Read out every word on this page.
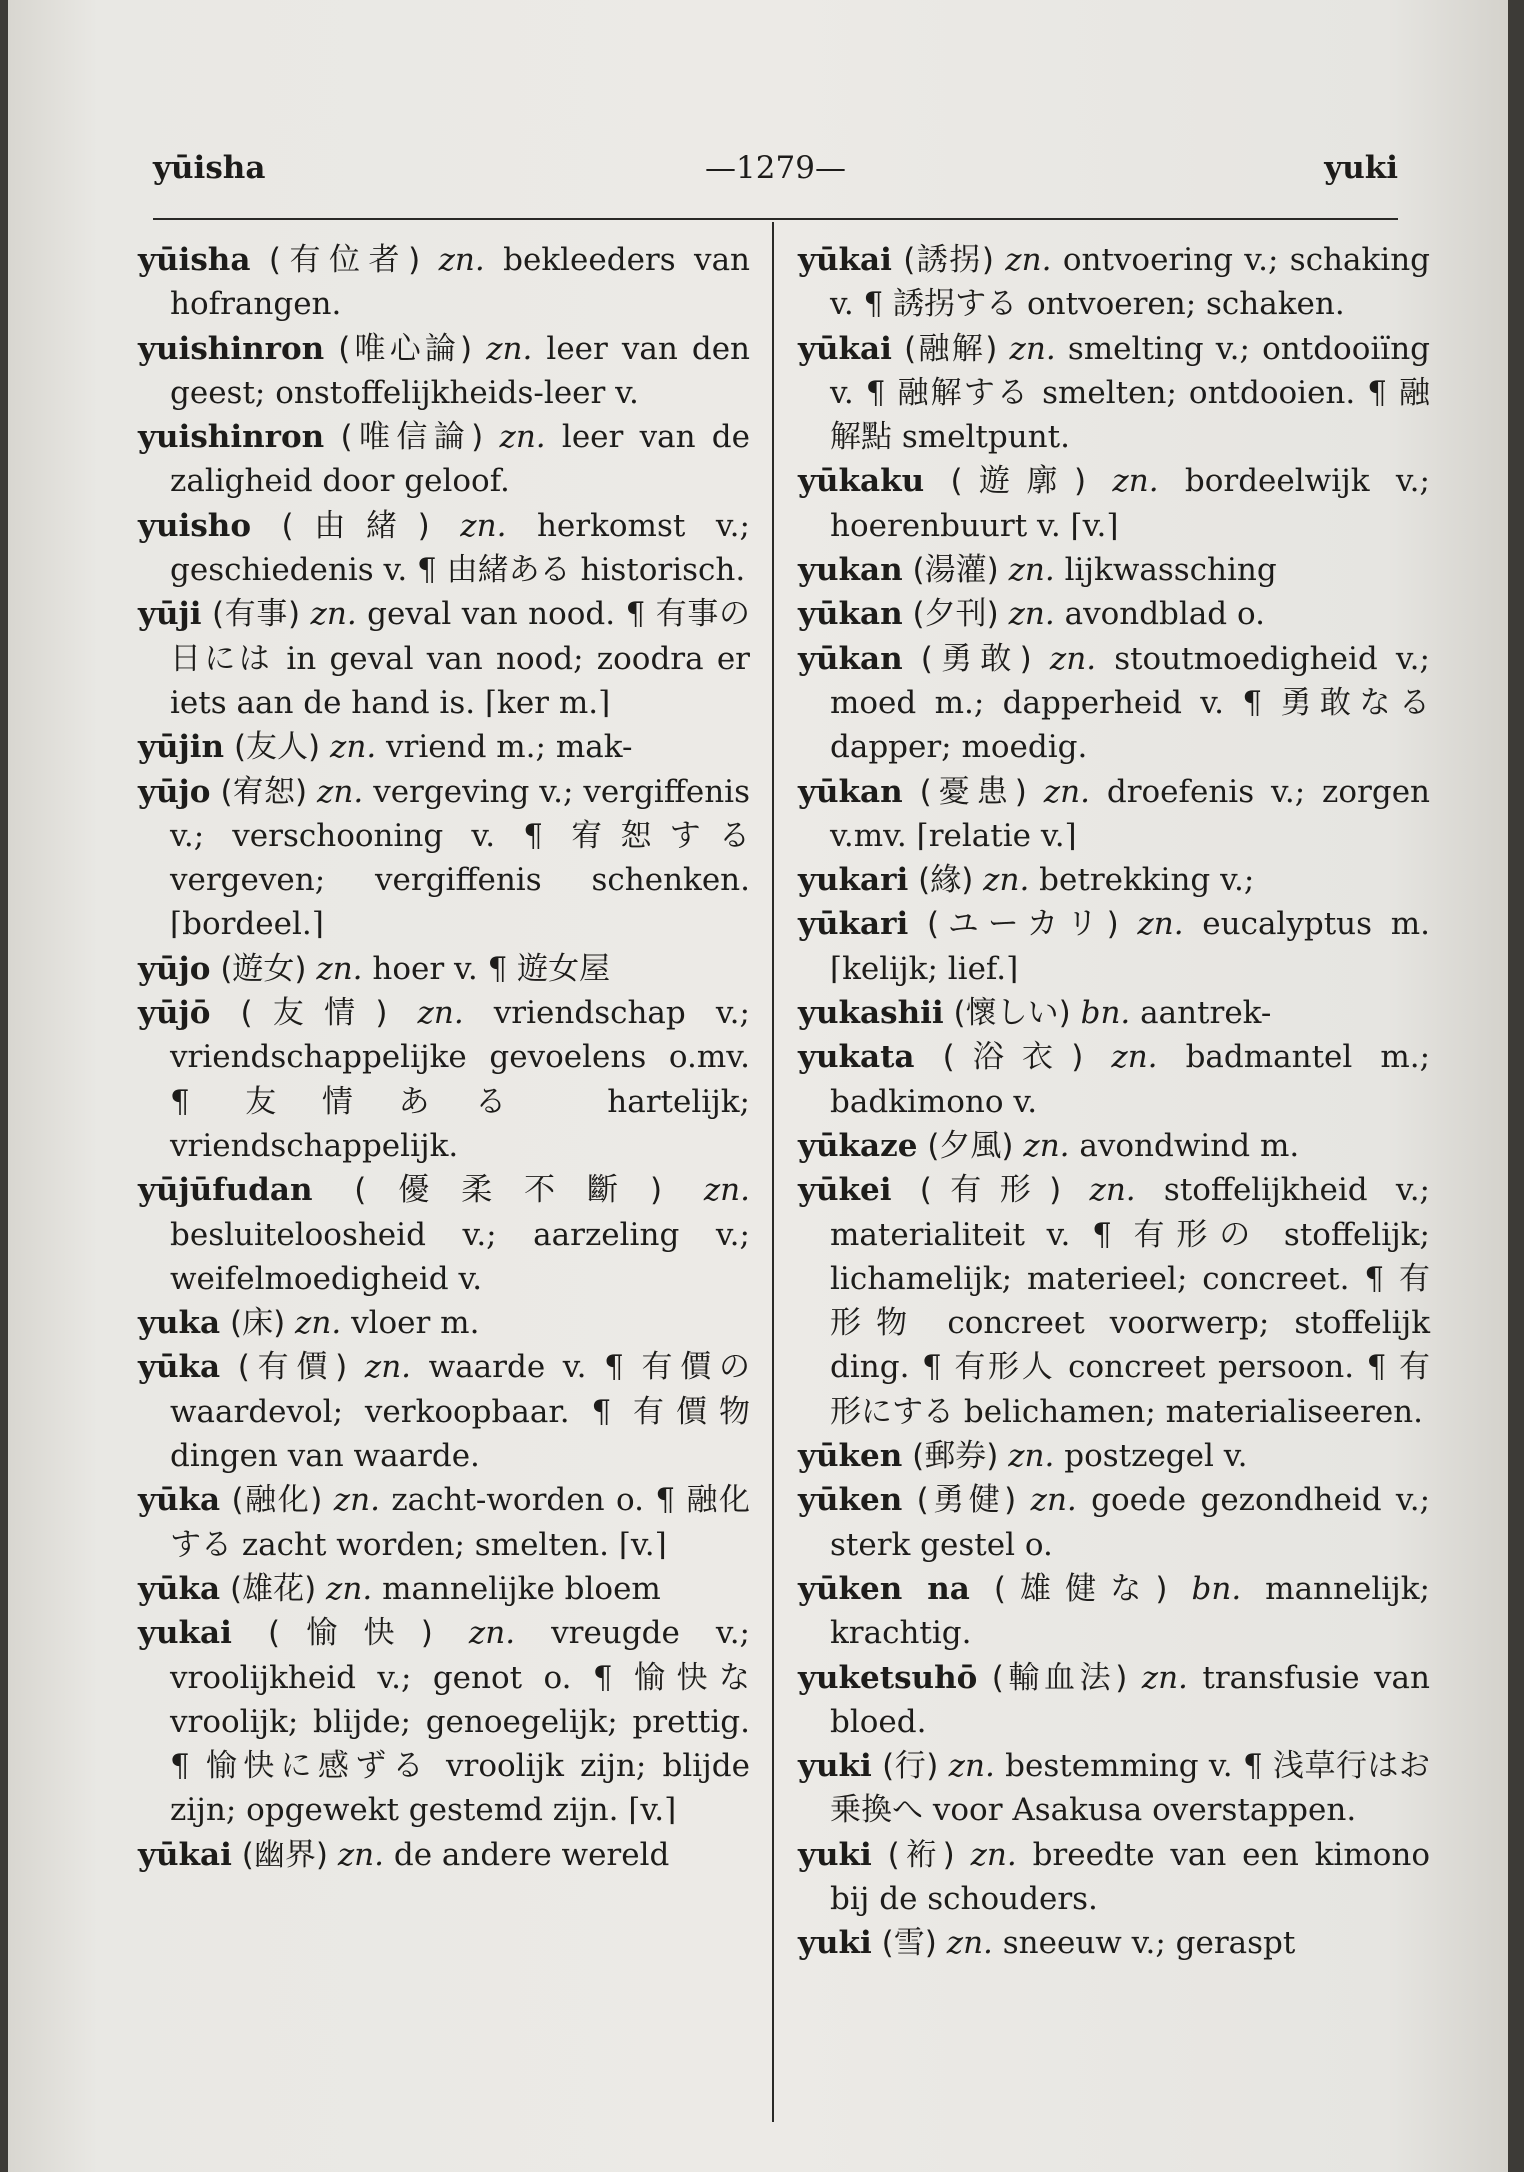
yūisha	—1279—	yuki

yūisha (有位者) zn. bekleeders van hofrangen.

yuishinron (唯心論) zn. leer van den geest; onstoffelijkheids-leer v.

yuishinron (唯信論) zn. leer van de zaligheid door geloof.

yuisho (由緒) zn. herkomst v.; geschiedenis v. ¶ 由緒ある historisch.

yūji (有事) zn. geval van nood. ¶ 有事の日には in geval van nood; zoodra er iets aan de hand is. ⌈ker m.⌉

yūjin (友人) zn. vriend m.; mak-

yūjo (宥恕) zn. vergeving v.; vergiffenis v.; verschooning v. ¶ 宥恕する vergeven; vergiffenis schenken. ⌈bordeel.⌉

yūjo (遊女) zn. hoer v. ¶ 遊女屋

yūjō (友情) zn. vriendschap v.; vriendschappelijke gevoelens o.mv. ¶ 友情ある hartelijk; vriendschappelijk.

yūjūfudan (優柔不斷) zn. besluiteloosheid v.; aarzeling v.; weifelmoedigheid v.

yuka (床) zn. vloer m.

yūka (有價) zn. waarde v. ¶ 有價の waardevol; verkoopbaar. ¶ 有價物 dingen van waarde.

yūka (融化) zn. zacht-worden o. ¶ 融化する zacht worden; smelten. ⌈v.⌉

yūka (雄花) zn. mannelijke bloem

yukai (愉快) zn. vreugde v.; vroolijkheid v.; genot o. ¶ 愉快な vroolijk; blijde; genoegelijk; prettig. ¶ 愉快に感ずる vroolijk zijn; blijde zijn; opgewekt gestemd zijn. ⌈v.⌉

yūkai (幽界) zn. de andere wereld

yūkai (誘拐) zn. ontvoering v.; schaking v. ¶ 誘拐する ontvoeren; schaken.

yūkai (融解) zn. smelting v.; ontdooiïng v. ¶ 融解する smelten; ontdooien. ¶ 融解點 smeltpunt.

yūkaku (遊廓) zn. bordeelwijk v.; hoerenbuurt v. ⌈v.⌉

yukan (湯灌) zn. lijkwassching

yūkan (夕刊) zn. avondblad o.

yūkan (勇敢) zn. stoutmoedigheid v.; moed m.; dapperheid v. ¶ 勇敢なる dapper; moedig.

yūkan (憂患) zn. droefenis v.; zorgen v.mv. ⌈relatie v.⌉

yukari (緣) zn. betrekking v.;

yūkari (ユーカリ) zn. eucalyptus m. ⌈kelijk; lief.⌉

yukashii (懷しい) bn. aantrek-

yukata (浴衣) zn. badmantel m.; badkimono v.

yūkaze (夕風) zn. avondwind m.

yūkei (有形) zn. stoffelijkheid v.; materialiteit v. ¶ 有形の stoffelijk; lichamelijk; materieel; concreet. ¶ 有形物 concreet voorwerp; stoffelijk ding. ¶ 有形人 concreet persoon. ¶ 有形にする belichamen; materialiseeren.

yūken (郵券) zn. postzegel v.

yūken (勇健) zn. goede gezondheid v.; sterk gestel o.

yūken na (雄健な) bn. mannelijk; krachtig.

yuketsuhō (輸血法) zn. transfusie van bloed.

yuki (行) zn. bestemming v. ¶ 浅草行はお乗換へ voor Asakusa overstappen.

yuki (裄) zn. breedte van een kimono bij de schouders.

yuki (雪) zn. sneeuw v.; geraspt
